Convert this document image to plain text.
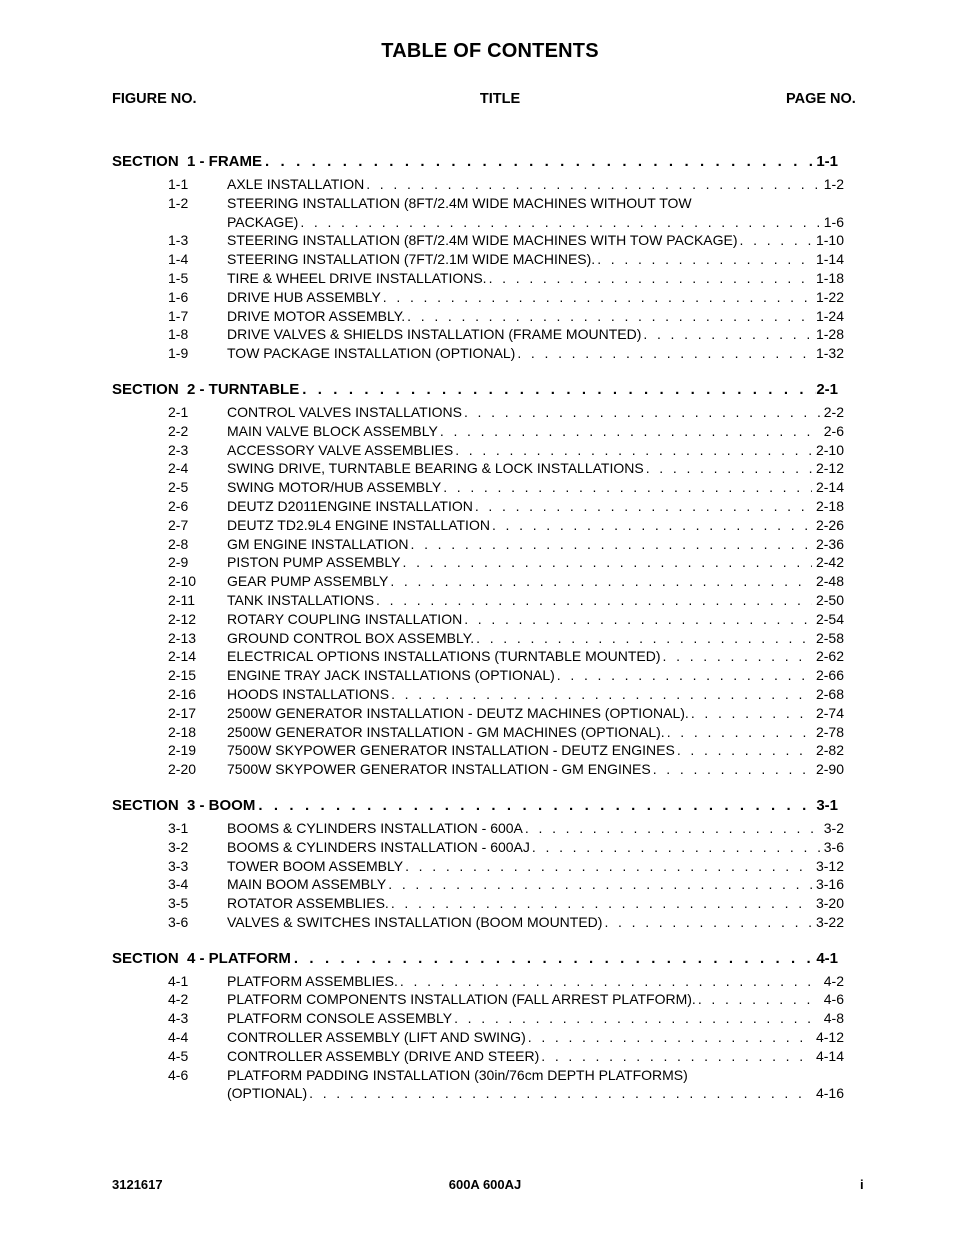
TABLE OF CONTENTS
FIGURE NO.	TITLE	PAGE NO.
SECTION  1 - FRAME . . .	1-1
1-1	AXLE INSTALLATION . . .	1-2
1-2	STEERING INSTALLATION (8FT/2.4M WIDE MACHINES WITHOUT TOW
PACKAGE) . . .	1-6
1-3	STEERING INSTALLATION (8FT/2.4M WIDE MACHINES WITH TOW PACKAGE) . . .	1-10
1-4	STEERING INSTALLATION (7FT/2.1M WIDE MACHINES). . . .	1-14
1-5	TIRE & WHEEL DRIVE INSTALLATIONS. . . .	1-18
1-6	DRIVE HUB ASSEMBLY . . .	1-22
1-7	DRIVE MOTOR ASSEMBLY. . . .	1-24
1-8	DRIVE VALVES & SHIELDS INSTALLATION (FRAME MOUNTED) . . .	1-28
1-9	TOW PACKAGE INSTALLATION (OPTIONAL) . . .	1-32
SECTION  2 - TURNTABLE . . .	2-1
2-1	CONTROL VALVES INSTALLATIONS . . .	2-2
2-2	MAIN VALVE BLOCK ASSEMBLY . . .	2-6
2-3	ACCESSORY VALVE ASSEMBLIES . . .	2-10
2-4	SWING DRIVE, TURNTABLE BEARING & LOCK INSTALLATIONS . . .	2-12
2-5	SWING MOTOR/HUB ASSEMBLY . . .	2-14
2-6	DEUTZ D2011ENGINE INSTALLATION . . .	2-18
2-7	DEUTZ TD2.9L4 ENGINE INSTALLATION . . .	2-26
2-8	GM ENGINE INSTALLATION . . .	2-36
2-9	PISTON PUMP ASSEMBLY . . .	2-42
2-10 GEAR PUMP ASSEMBLY . . .	2-48
2-11 TANK INSTALLATIONS . . .	2-50
2-12 ROTARY COUPLING INSTALLATION . . .	2-54
2-13 GROUND CONTROL BOX ASSEMBLY. . . .	2-58
2-14 ELECTRICAL OPTIONS INSTALLATIONS (TURNTABLE MOUNTED) . . .	2-62
2-15 ENGINE TRAY JACK INSTALLATIONS (OPTIONAL) . . .	2-66
2-16 HOODS INSTALLATIONS . . .	2-68
2-17 2500W GENERATOR INSTALLATION - DEUTZ MACHINES (OPTIONAL). . . .	2-74
2-18 2500W GENERATOR INSTALLATION - GM MACHINES (OPTIONAL). . . .	2-78
2-19 7500W SKYPOWER GENERATOR INSTALLATION - DEUTZ ENGINES . . .	2-82
2-20 7500W SKYPOWER GENERATOR INSTALLATION - GM ENGINES . . .	2-90
SECTION  3 - BOOM . . .	3-1
3-1	BOOMS & CYLINDERS INSTALLATION - 600A . . .	3-2
3-2	BOOMS & CYLINDERS INSTALLATION - 600AJ . . .	3-6
3-3	TOWER BOOM ASSEMBLY . . .	3-12
3-4	MAIN BOOM ASSEMBLY . . .	3-16
3-5	ROTATOR ASSEMBLIES. . . .	3-20
3-6	VALVES & SWITCHES INSTALLATION (BOOM MOUNTED) . . .	3-22
SECTION  4 - PLATFORM . . .	4-1
4-1	PLATFORM ASSEMBLIES. . . .	4-2
4-2	PLATFORM COMPONENTS INSTALLATION (FALL ARREST PLATFORM). . . .	4-6
4-3	PLATFORM CONSOLE ASSEMBLY . . .	4-8
4-4	CONTROLLER ASSEMBLY (LIFT AND SWING) . . .	4-12
4-5	CONTROLLER ASSEMBLY (DRIVE AND STEER) . . .	4-14
4-6	PLATFORM PADDING INSTALLATION (30in/76cm DEPTH PLATFORMS)
(OPTIONAL) . . .	4-16
3121617	600A 600AJ	i
